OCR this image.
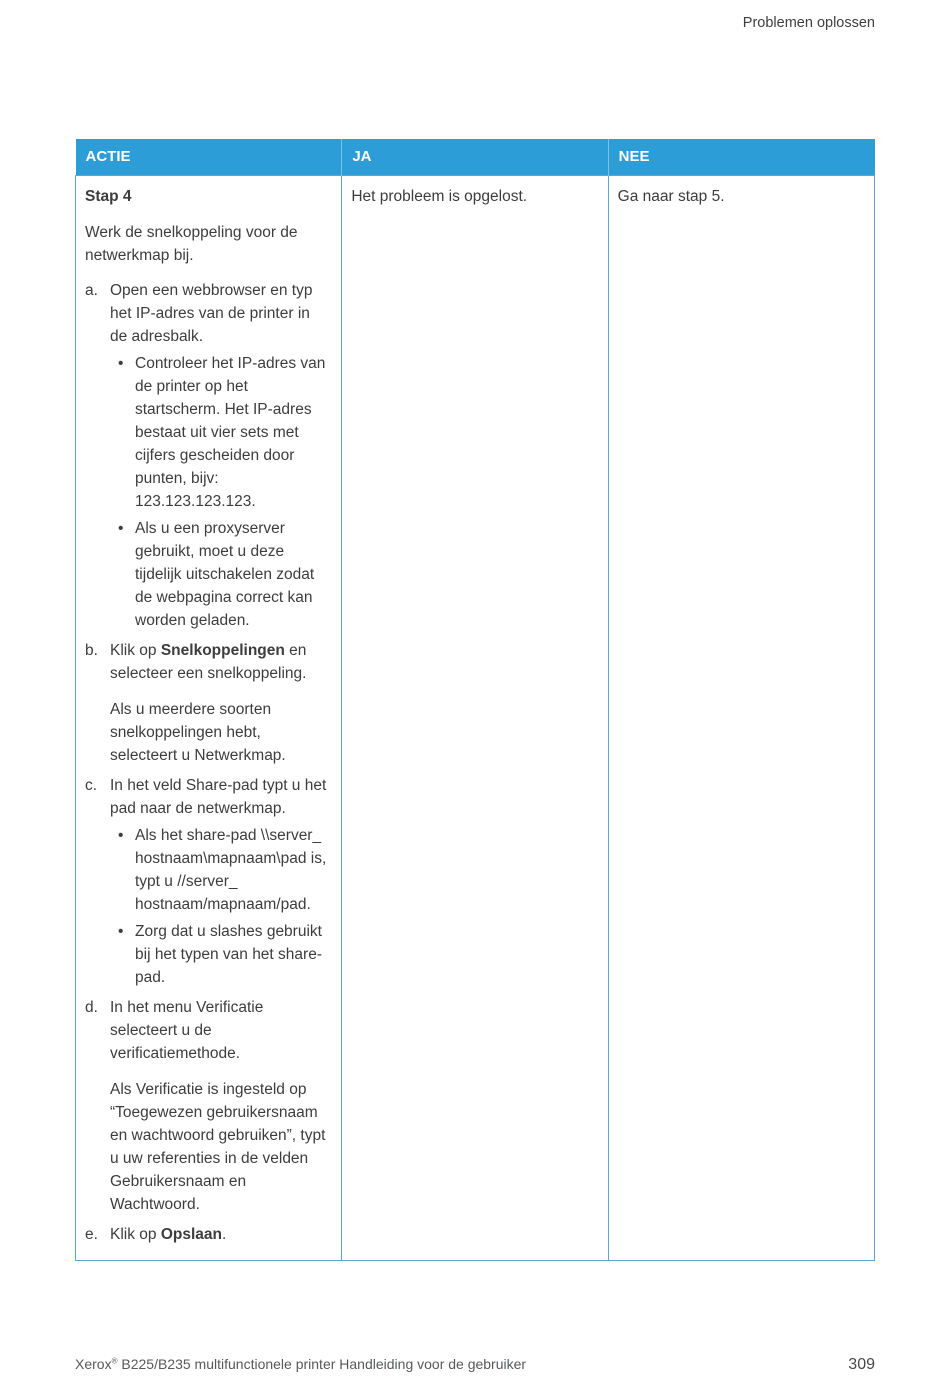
Problemen oplossen
ACTIE	JA	NEE

Stap 4

Werk de snelkoppeling voor de netwerkmap bij.

a. Open een webbrowser en typ het IP-adres van de printer in de adresbalk.
• Controleer het IP-adres van de printer op het startscherm. Het IP-adres bestaat uit vier sets met cijfers gescheiden door punten, bijv: 123.123.123.123.
• Als u een proxyserver gebruikt, moet u deze tijdelijk uitschakelen zodat de webpagina correct kan worden geladen.
b. Klik op Snelkoppelingen en selecteer een snelkoppeling.
Als u meerdere soorten snelkoppelingen hebt, selecteert u Netwerkmap.
c. In het veld Share-pad typt u het pad naar de netwerkmap.
• Als het share-pad \\server_​hostnaam\mapnaam\pad is, typt u //server_​hostnaam/mapnaam/pad.
• Zorg dat u slashes gebruikt bij het typen van het share-pad.
d. In het menu Verificatie selecteert u de verificatiemethode.
Als Verificatie is ingesteld op “Toegewezen gebruikersnaam en wachtwoord gebruiken”, typt u uw referenties in de velden Gebruikersnaam en Wachtwoord.
e. Klik op Opslaan.

Het probleem is opgelost.	Ga naar stap 5.
Xerox® B225/B235 multifunctionele printer Handleiding voor de gebruiker	309
